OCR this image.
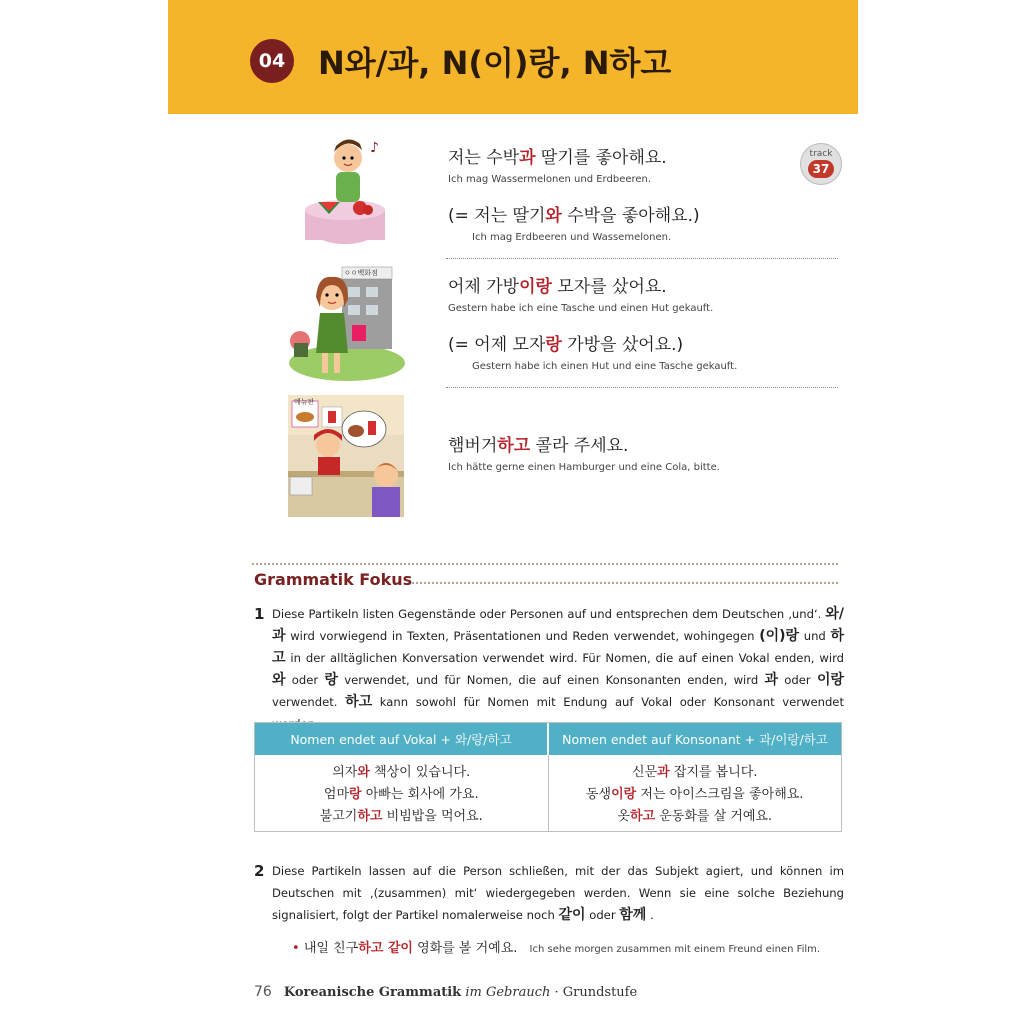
04 N와/과, N(이)랑, N하고
♪
ㅇㅇ백화점
메뉴판
track
37
저는 수박과 딸기를 좋아해요.
Ich mag Wassermelonen und Erdbeeren.
(= 저는 딸기와 수박을 좋아해요.)
Ich mag Erdbeeren und Wassemelonen.
어제 가방이랑 모자를 샀어요.
Gestern habe ich eine Tasche und einen Hut gekauft.
(= 어제 모자랑 가방을 샀어요.)
Gestern habe ich einen Hut und eine Tasche gekauft.
햄버거하고 콜라 주세요.
Ich hätte gerne einen Hamburger und eine Cola, bitte.
Grammatik Fokus
1 Diese Partikeln listen Gegenstände oder Personen auf und entsprechen dem Deutschen ‚und‘. 와/과 wird vorwiegend in Texten, Präsentationen und Reden verwendet, wohingegen (이)랑 und 하고 in der alltäglichen Konversation verwendet wird. Für Nomen, die auf einen Vokal enden, wird 와 oder 랑 verwendet, und für Nomen, die auf einen Konsonanten enden, wird 과 oder 이랑 verwendet. 하고 kann sowohl für Nomen mit Endung auf Vokal oder Konsonant verwendet
Nomen endet auf Vokal + 와/랑/하고	Nomen endet auf Konsonant + 과/이랑/하고
의자와 책상이 있습니다.
엄마랑 아빠는 회사에 가요.
불고기하고 비빔밥을 먹어요.
신문과 잡지를 봅니다.
동생이랑 저는 아이스크림을 좋아해요.
옷하고 운동화를 살 거예요.
2 Diese Partikeln lassen auf die Person schließen, mit der das Subjekt agiert, und können im Deutschen mit ‚(zusammen) mit‘ wiedergegeben werden. Wenn sie eine solche Beziehung signalisiert, folgt der Partikel nomalerweise noch 같이 oder 함께 .
• 내일 친구하고 같이 영화를 볼 거예요. Ich sehe morgen zusammen mit einem Freund einen Film.
76 Koreanische Grammatik im Gebrauch · Grundstufe
